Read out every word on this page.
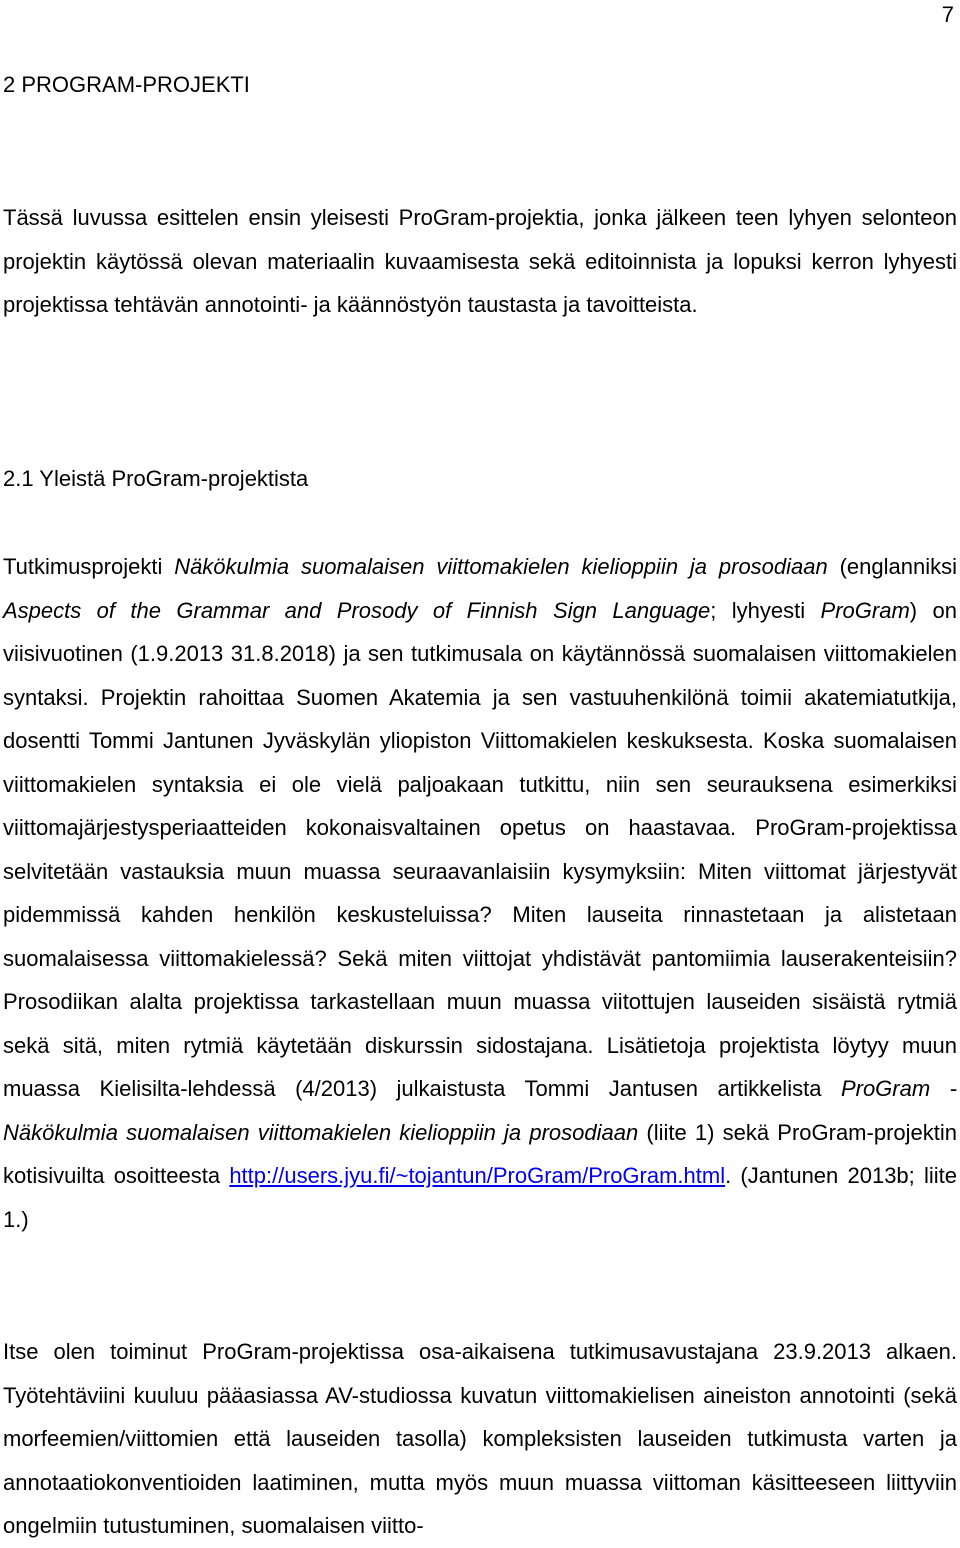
7
2 PROGRAM-PROJEKTI

Tässä luvussa esittelen ensin yleisesti ProGram-projektia, jonka jälkeen teen lyhyen selonteon projektin käytössä olevan materiaalin kuvaamisesta sekä editoinnista ja lopuksi kerron lyhyesti projektissa tehtävän annotointi- ja käännöstyön taustasta ja tavoitteista.

2.1 Yleistä ProGram-projektista

Tutkimusprojekti Näkökulmia suomalaisen viittomakielen kielioppiin ja prosodiaan (englanniksi Aspects of the Grammar and Prosody of Finnish Sign Language; lyhyesti ProGram) on viisivuotinen (1.9.2013 31.8.2018) ja sen tutkimusala on käytännössä suomalaisen viittomakielen syntaksi. Projektin rahoittaa Suomen Akatemia ja sen vastuuhenkilönä toimii akatemiatutkija, dosentti Tommi Jantunen Jyväskylän yliopiston Viittomakielen keskuksesta. Koska suomalaisen viittomakielen syntaksia ei ole vielä paljoakaan tutkittu, niin sen seurauksena esimerkiksi viittomajärjestysperiaatteiden kokonaisvaltainen opetus on haastavaa. ProGram-projektissa selvitetään vastauksia muun muassa seuraavanlaisiin kysymyksiin: Miten viittomat järjestyvät pidemmissä kahden henkilön keskusteluissa? Miten lauseita rinnastetaan ja alistetaan suomalaisessa viittomakielessä? Sekä miten viittojat yhdistävät pantomiimia lauserakenteisiin? Prosodiikan alalta projektissa tarkastellaan muun muassa viitottujen lauseiden sisäistä rytmiä sekä sitä, miten rytmiä käytetään diskurssin sidostajana. Lisätietoja projektista löytyy muun muassa Kielisilta-lehdessä (4/2013) julkaistusta Tommi Jantusen artikkelista ProGram - Näkökulmia suomalaisen viittomakielen kielioppiin ja prosodiaan (liite 1) sekä ProGram-projektin kotisivuilta osoitteesta http://users.jyu.fi/~tojantun/ProGram/ProGram.html. (Jantunen 2013b; liite 1.)

Itse olen toiminut ProGram-projektissa osa-aikaisena tutkimusavustajana 23.9.2013 alkaen. Työtehtäviini kuuluu pääasiassa AV-studiossa kuvatun viittomakielisen aineiston annotointi (sekä morfeemien/viittomien että lauseiden tasolla) kompleksisten lauseiden tutkimusta varten ja annotaatiokonventioiden laatiminen, mutta myös muun muassa viittoman käsitteeseen liittyviin ongelmiin tutustuminen, suomalaisen viitto-
